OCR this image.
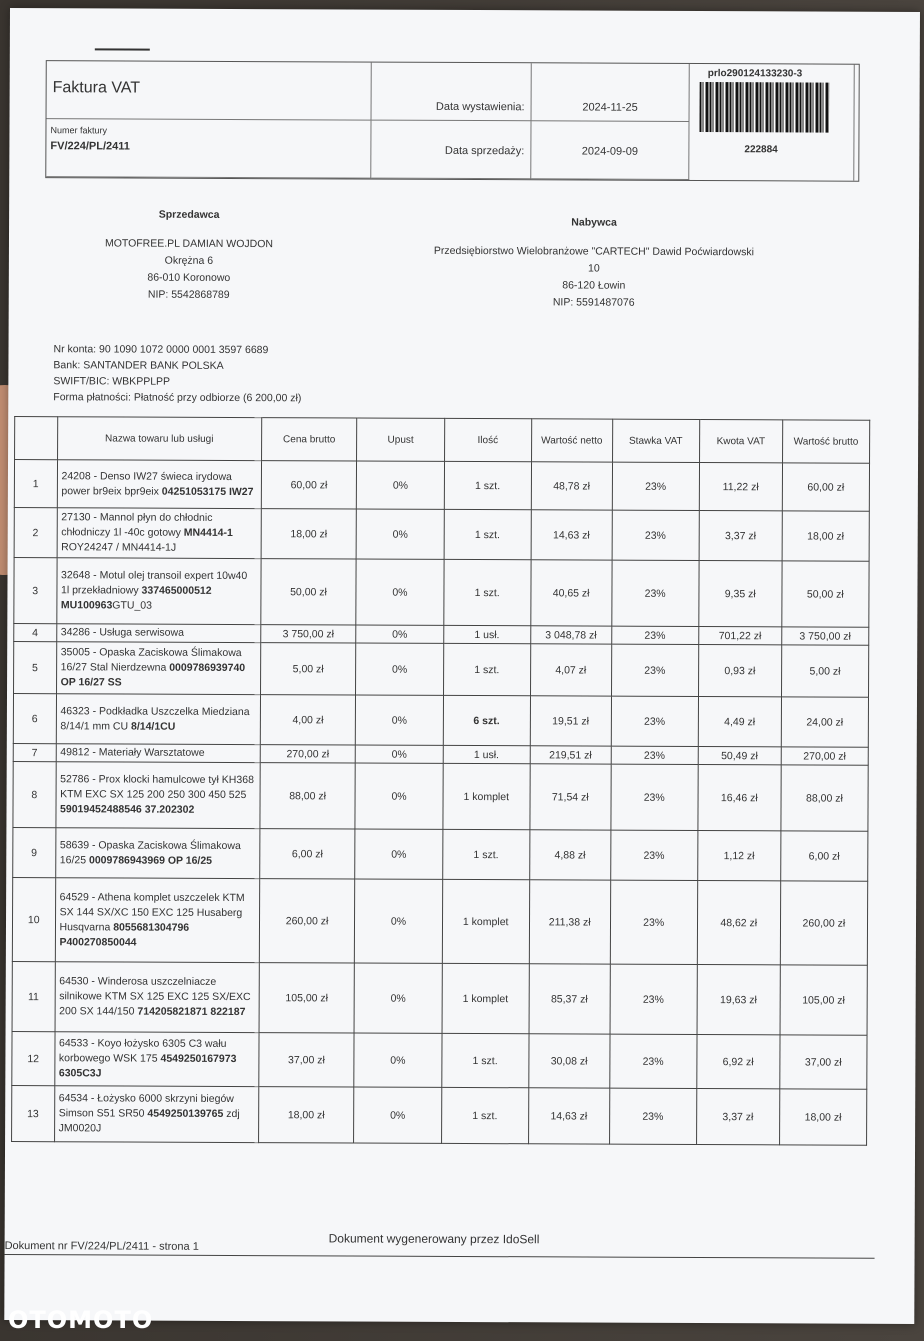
Faktura VAT
Data wystawienia:	2024-11-25
prlo290124133230-3
222884
Numer faktury
FV/224/PL/2411	Data sprzedaży:	2024-09-09
Sprzedawca
MOTOFREE.PL DAMIAN WOJDON
Okrężna 6
86-010 Koronowo
NIP: 5542868789
Nabywca
Przedsiębiorstwo Wielobranżowe "CARTECH" Dawid Poćwiardowski
10
86-120 Łowin
NIP: 5591487076
Nr konta: 90 1090 1072 0000 0001 3597 6689
Bank: SANTANDER BANK POLSKA
SWIFT/BIC: WBKPPLPP
Forma płatności: Płatność przy odbiorze (6 200,00 zł)
	Nazwa towaru lub usługi	Cena brutto	Upust	Ilość	Wartość netto	Stawka VAT	Kwota VAT	Wartość brutto
1	24208 - Denso IW27 świeca irydowa power br9eix bpr9eix 04251053175 IW27	60,00 zł	0%	1 szt.	48,78 zł	23%	11,22 zł	60,00 zł
2	27130 - Mannol płyn do chłodnic chłodniczy 1l -40c gotowy MN4414-1 ROY24247 / MN4414-1J	18,00 zł	0%	1 szt.	14,63 zł	23%	3,37 zł	18,00 zł
3	32648 - Motul olej transoil expert 10w40 1l przekładniowy 337465000512 MU100963GTU_03	50,00 zł	0%	1 szt.	40,65 zł	23%	9,35 zł	50,00 zł
4	34286 - Usługa serwisowa	3 750,00 zł	0%	1 usł.	3 048,78 zł	23%	701,22 zł	3 750,00 zł
5	35005 - Opaska Zaciskowa Ślimakowa 16/27 Stal Nierdzewna 0009786939740 OP 16/27 SS	5,00 zł	0%	1 szt.	4,07 zł	23%	0,93 zł	5,00 zł
6	46323 - Podkładka Uszczelka Miedziana 8/14/1 mm CU 8/14/1CU	4,00 zł	0%	6 szt.	19,51 zł	23%	4,49 zł	24,00 zł
7	49812 - Materiały Warsztatowe	270,00 zł	0%	1 usł.	219,51 zł	23%	50,49 zł	270,00 zł
8	52786 - Prox klocki hamulcowe tył KH368 KTM EXC SX 125 200 250 300 450 525 59019452488546 37.202302	88,00 zł	0%	1 komplet	71,54 zł	23%	16,46 zł	88,00 zł
9	58639 - Opaska Zaciskowa Ślimakowa 16/25 0009786943969 OP 16/25	6,00 zł	0%	1 szt.	4,88 zł	23%	1,12 zł	6,00 zł
10	64529 - Athena komplet uszczelek KTM SX 144 SX/XC 150 EXC 125 Husaberg Husqvarna 8055681304796 P400270850044	260,00 zł	0%	1 komplet	211,38 zł	23%	48,62 zł	260,00 zł
11	64530 - Winderosa uszczelniacze silnikowe KTM SX 125 EXC 125 SX/EXC 200 SX 144/150 714205821871 822187	105,00 zł	0%	1 komplet	85,37 zł	23%	19,63 zł	105,00 zł
12	64533 - Koyo łożysko 6305 C3 wału korbowego WSK 175 4549250167973 6305C3J	37,00 zł	0%	1 szt.	30,08 zł	23%	6,92 zł	37,00 zł
13	64534 - Łożysko 6000 skrzyni biegów Simson S51 SR50 4549250139765 zdj JM0020J	18,00 zł	0%	1 szt.	14,63 zł	23%	3,37 zł	18,00 zł
Dokument wygenerowany przez IdoSell
Dokument nr FV/224/PL/2411 - strona 1
OTOMOTO
